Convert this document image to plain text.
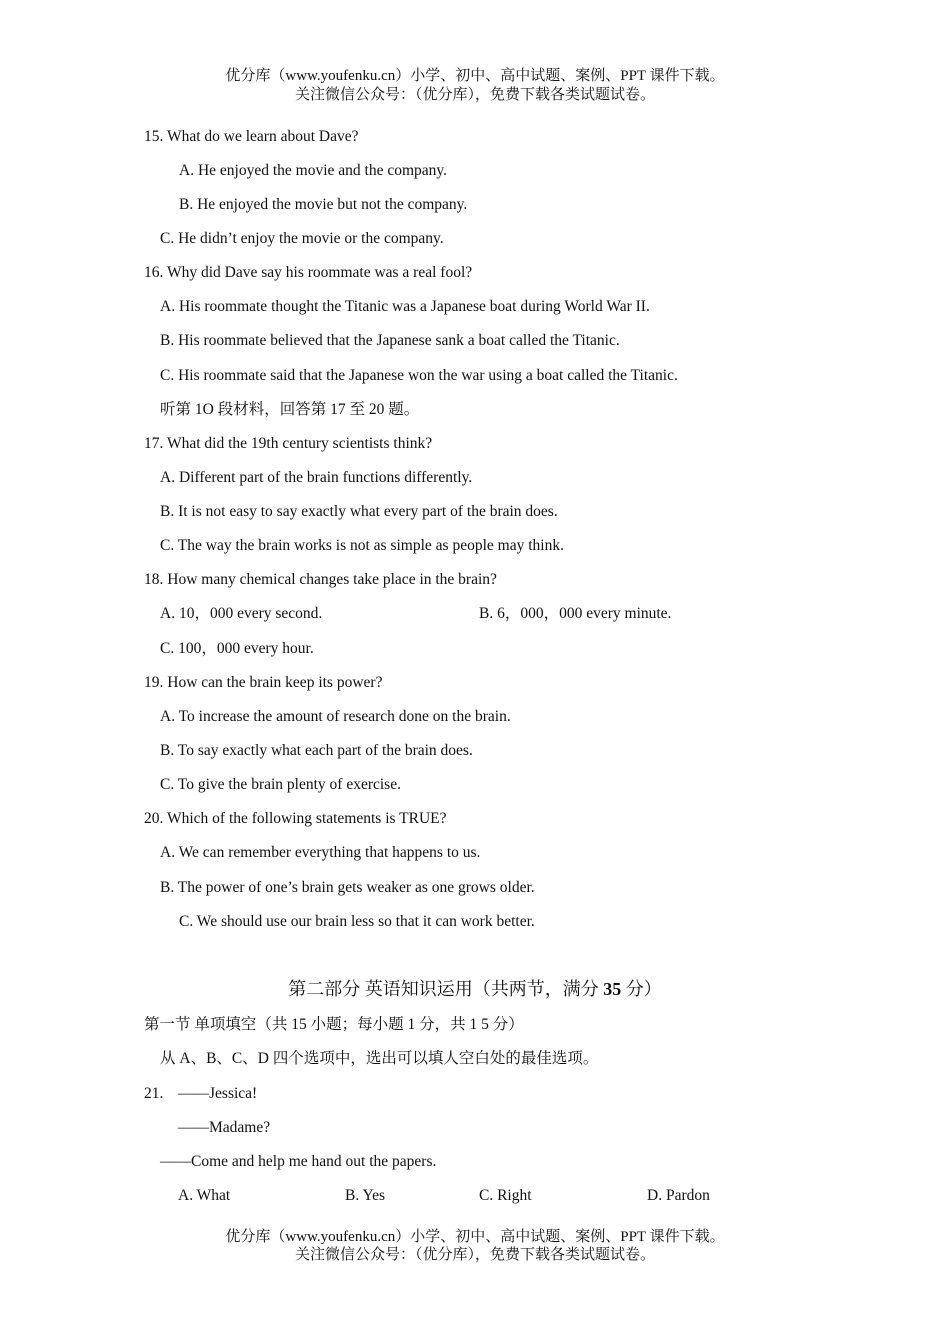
优分库（www.youfenku.cn）小学、初中、高中试题、案例、PPT 课件下载。
关注微信公众号：（优分库），免费下载各类试题试卷。
15. What do we learn about Dave?
A. He enjoyed the movie and the company.
B. He enjoyed the movie but not the company.
C. He didn’t enjoy the movie or the company.
16. Why did Dave say his roommate was a real fool?
A. His roommate thought the Titanic was a Japanese boat during World War II.
B. His roommate believed that the Japanese sank a boat called the Titanic.
C. His roommate said that the Japanese won the war using a boat called the Titanic.
听第 1O 段材料，回答第 17 至 20 题。
17. What did the 19th century scientists think?
A. Different part of the brain functions differently.
B. It is not easy to say exactly what every part of the brain does.
C. The way the brain works is not as simple as people may think.
18. How many chemical changes take place in the brain?
A. 10，000 every second.	B. 6，000，000 every minute.
C. 100，000 every hour.
19. How can the brain keep its power?
A. To increase the amount of research done on the brain.
B. To say exactly what each part of the brain does.
C. To give the brain plenty of exercise.
20. Which of the following statements is TRUE?
A. We can remember everything that happens to us.
B. The power of one’s brain gets weaker as one grows older.
C. We should use our brain less so that it can work better.
第二部分 英语知识运用（共两节，满分 35 分）
第一节 单项填空（共 15 小题；每小题 1 分，共 1 5 分）
从 A、B、C、D 四个选项中，选出可以填人空白处的最佳选项。
21. ——Jessica!
——Madame?
——Come and help me hand out the papers.
A. What	B. Yes	C. Right	D. Pardon
优分库（www.youfenku.cn）小学、初中、高中试题、案例、PPT 课件下载。
关注微信公众号：（优分库），免费下载各类试题试卷。
